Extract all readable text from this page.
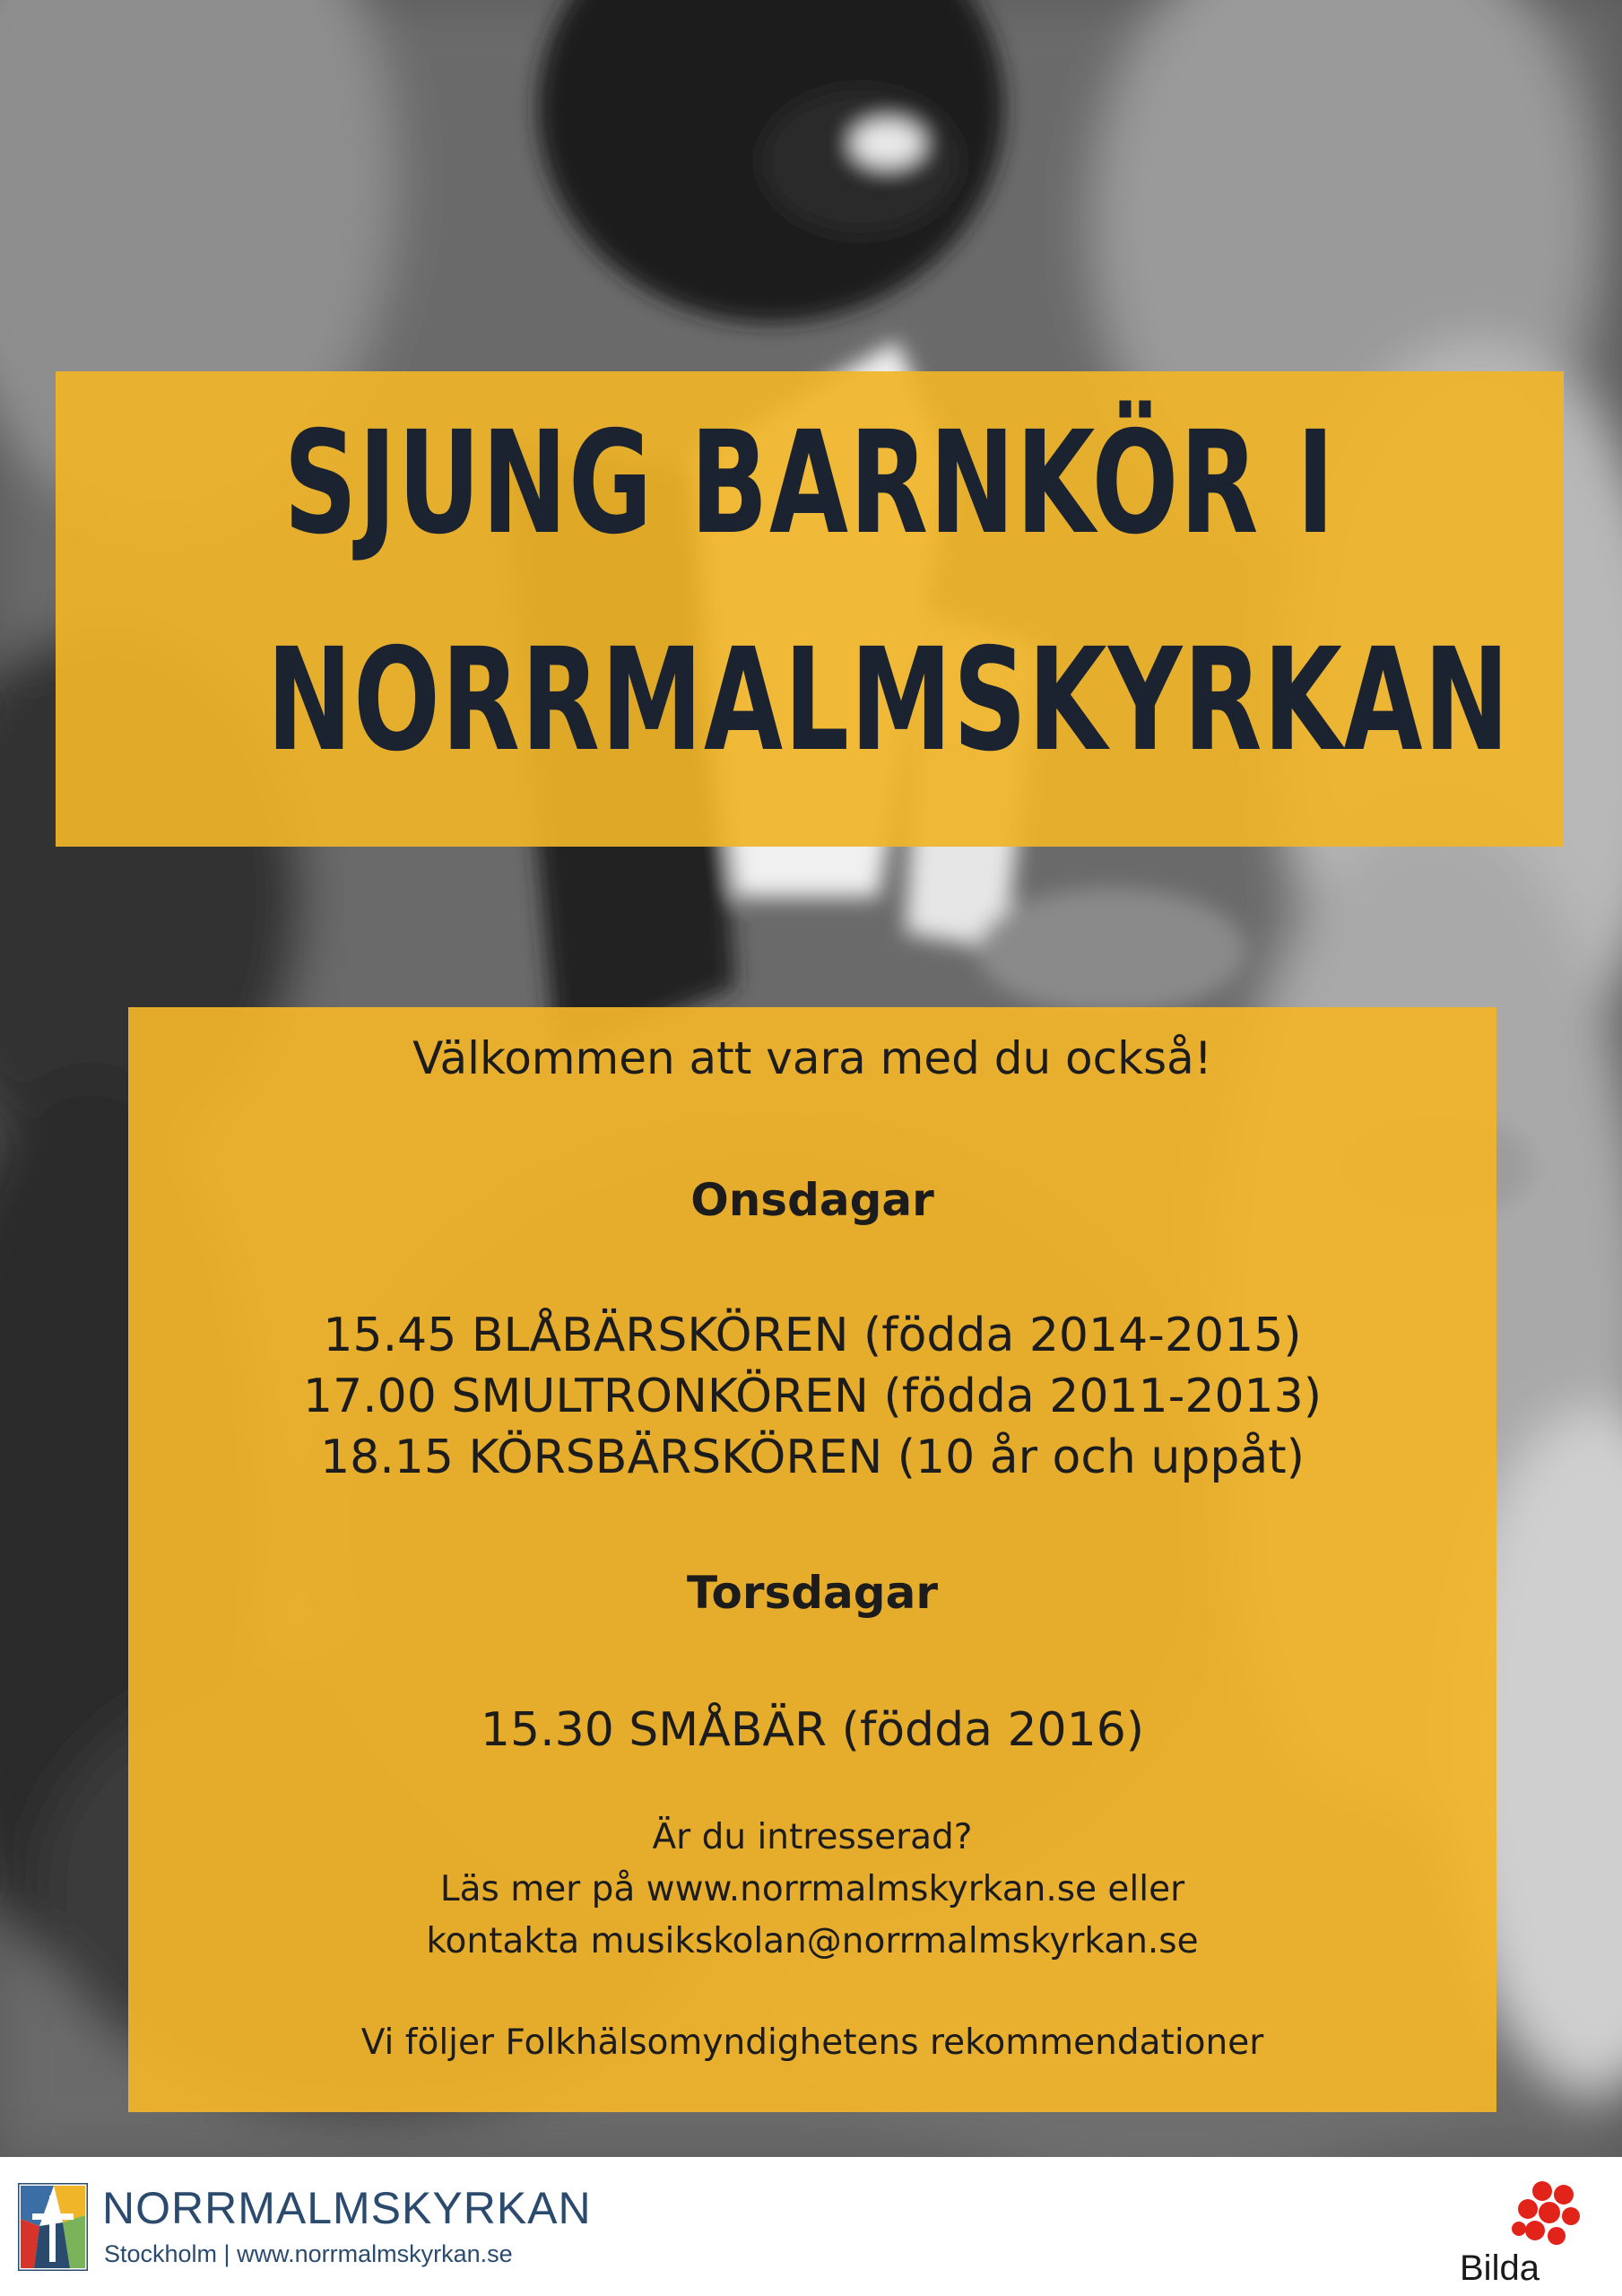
SJUNG BARNKÖR I
NORRMALMSKYRKAN
Välkommen att vara med du också!
Onsdagar
15.45 BLÅBÄRSKÖREN (födda 2014-2015)
17.00 SMULTRONKÖREN (födda 2011-2013)
18.15 KÖRSBÄRSKÖREN (10 år och uppåt)
Torsdagar
15.30 SMÅBÄR (födda 2016)
Är du intresserad?
Läs mer på www.norrmalmskyrkan.se eller
kontakta musikskolan@norrmalmskyrkan.se
Vi följer Folkhälsomyndighetens rekommendationer
NORRMALMSKYRKAN
Stockholm | www.norrmalmskyrkan.se	Bilda
